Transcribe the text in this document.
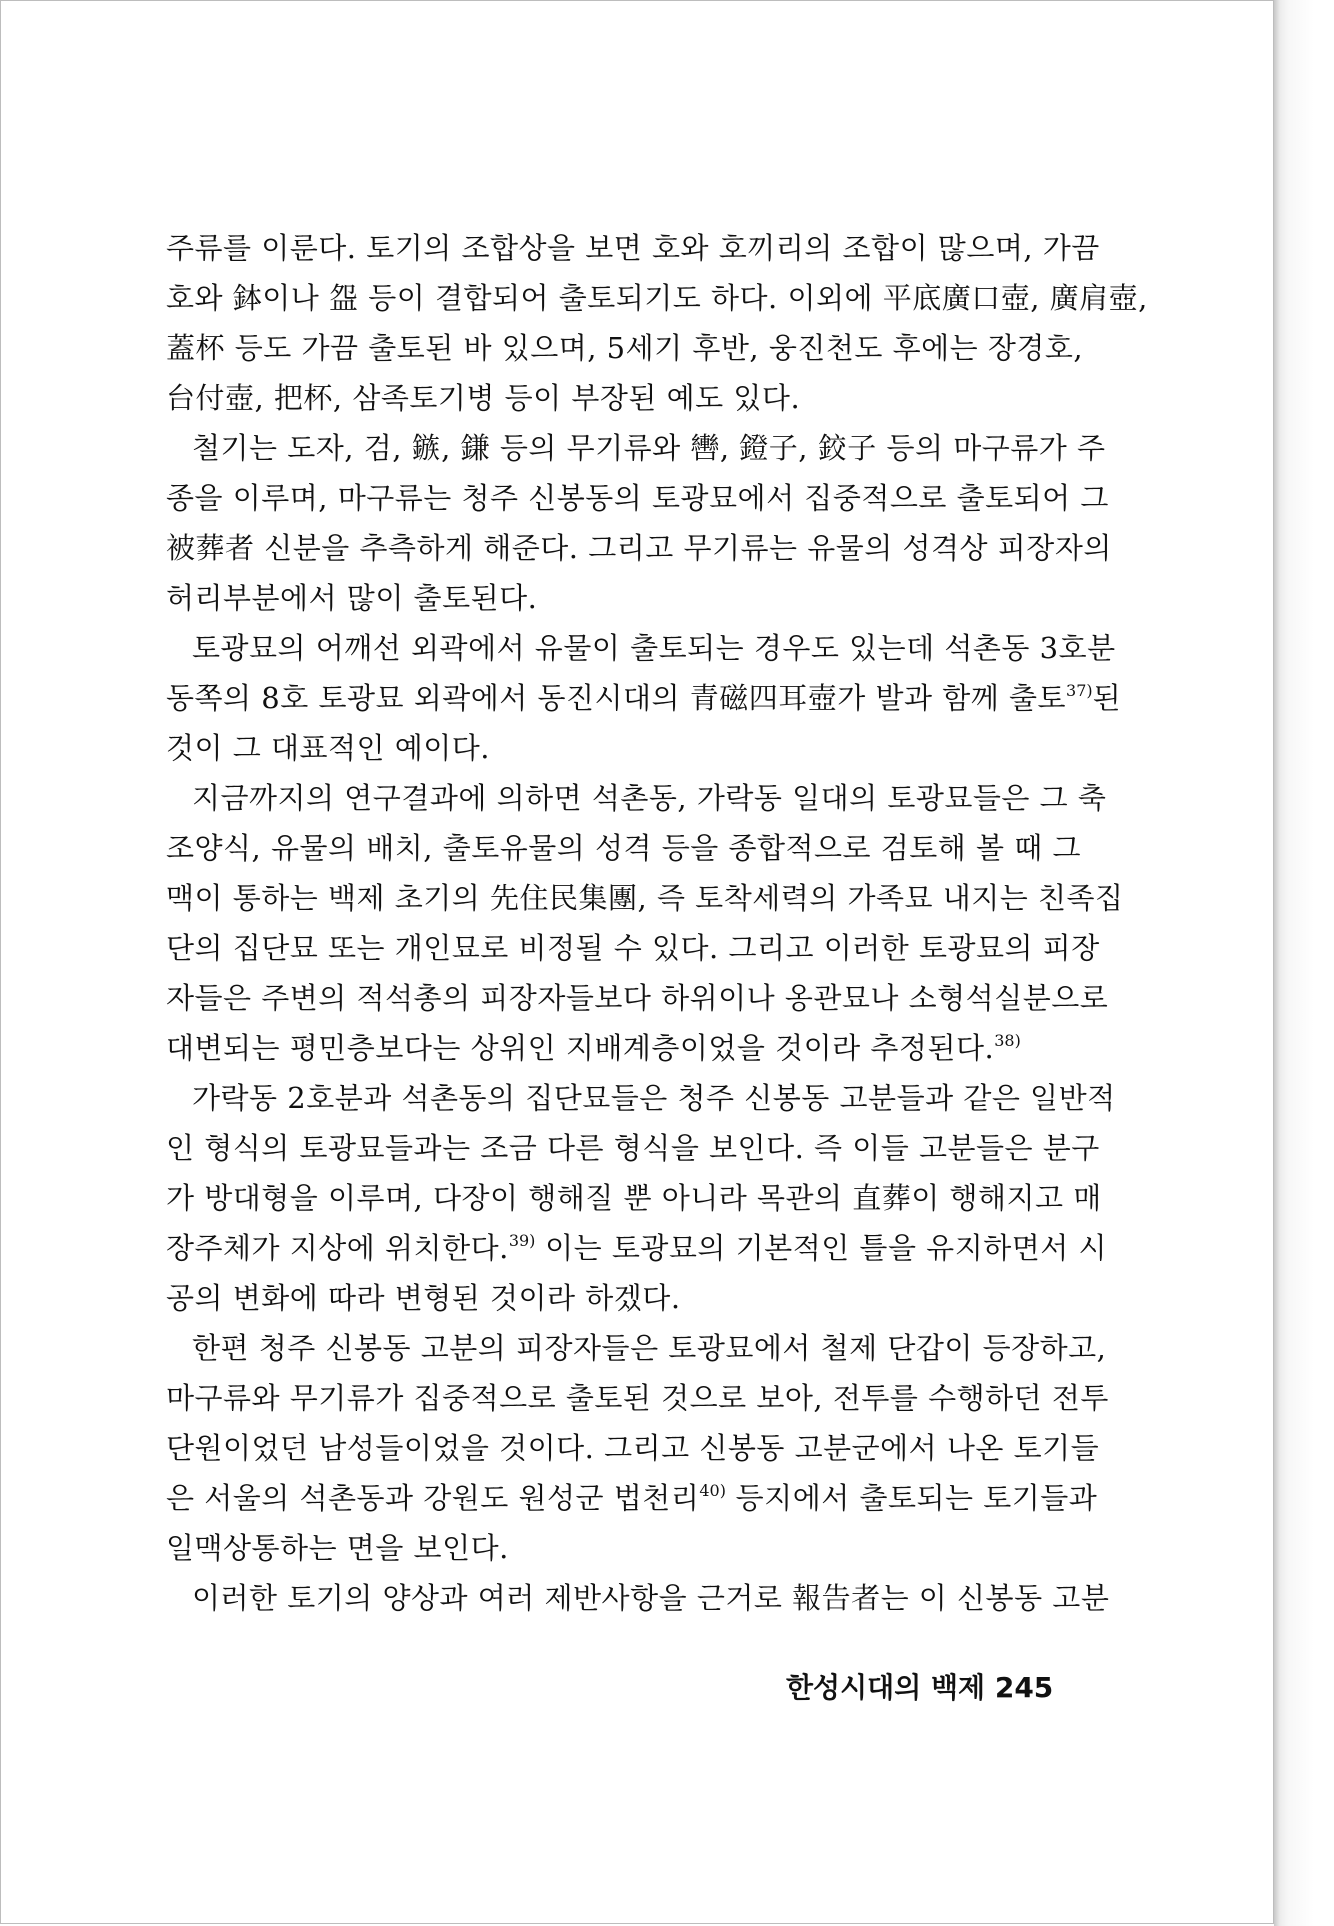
주류를 이룬다. 토기의 조합상을 보면 호와 호끼리의 조합이 많으며, 가끔
호와 鉢이나 盌 등이 결합되어 출토되기도 하다. 이외에 平底廣口壺, 廣肩壺,
蓋杯 등도 가끔 출토된 바 있으며, 5세기 후반, 웅진천도 후에는 장경호,
台付壺, 把杯, 삼족토기병 등이 부장된 예도 있다.
철기는 도자, 검, 鏃, 鎌 등의 무기류와 轡, 鐙子, 鉸子 등의 마구류가 주
종을 이루며, 마구류는 청주 신봉동의 토광묘에서 집중적으로 출토되어 그
被葬者 신분을 추측하게 해준다. 그리고 무기류는 유물의 성격상 피장자의
허리부분에서 많이 출토된다.
토광묘의 어깨선 외곽에서 유물이 출토되는 경우도 있는데 석촌동 3호분
동쪽의 8호 토광묘 외곽에서 동진시대의 青磁四耳壺가 발과 함께 출토$^{37)}$된
것이 그 대표적인 예이다.
지금까지의 연구결과에 의하면 석촌동, 가락동 일대의 토광묘들은 그 축
조양식, 유물의 배치, 출토유물의 성격 등을 종합적으로 검토해 볼 때 그
맥이 통하는 백제 초기의 先住民集團, 즉 토착세력의 가족묘 내지는 친족집
단의 집단묘 또는 개인묘로 비정될 수 있다. 그리고 이러한 토광묘의 피장
자들은 주변의 적석총의 피장자들보다 하위이나 옹관묘나 소형석실분으로
대변되는 평민층보다는 상위인 지배계층이었을 것이라 추정된다.$^{38)}$
가락동 2호분과 석촌동의 집단묘들은 청주 신봉동 고분들과 같은 일반적
인 형식의 토광묘들과는 조금 다른 형식을 보인다. 즉 이들 고분들은 분구
가 방대형을 이루며, 다장이 행해질 뿐 아니라 목관의 直葬이 행해지고 매
장주체가 지상에 위치한다.$^{39)}$ 이는 토광묘의 기본적인 틀을 유지하면서 시
공의 변화에 따라 변형된 것이라 하겠다.
한편 청주 신봉동 고분의 피장자들은 토광묘에서 철제 단갑이 등장하고,
마구류와 무기류가 집중적으로 출토된 것으로 보아, 전투를 수행하던 전투
단원이었던 남성들이었을 것이다. 그리고 신봉동 고분군에서 나온 토기들
은 서울의 석촌동과 강원도 원성군 법천리$^{40)}$ 등지에서 출토되는 토기들과
일맥상통하는 면을 보인다.
이러한 토기의 양상과 여러 제반사항을 근거로 報告者는 이 신봉동 고분
한성시대의 백제 245
